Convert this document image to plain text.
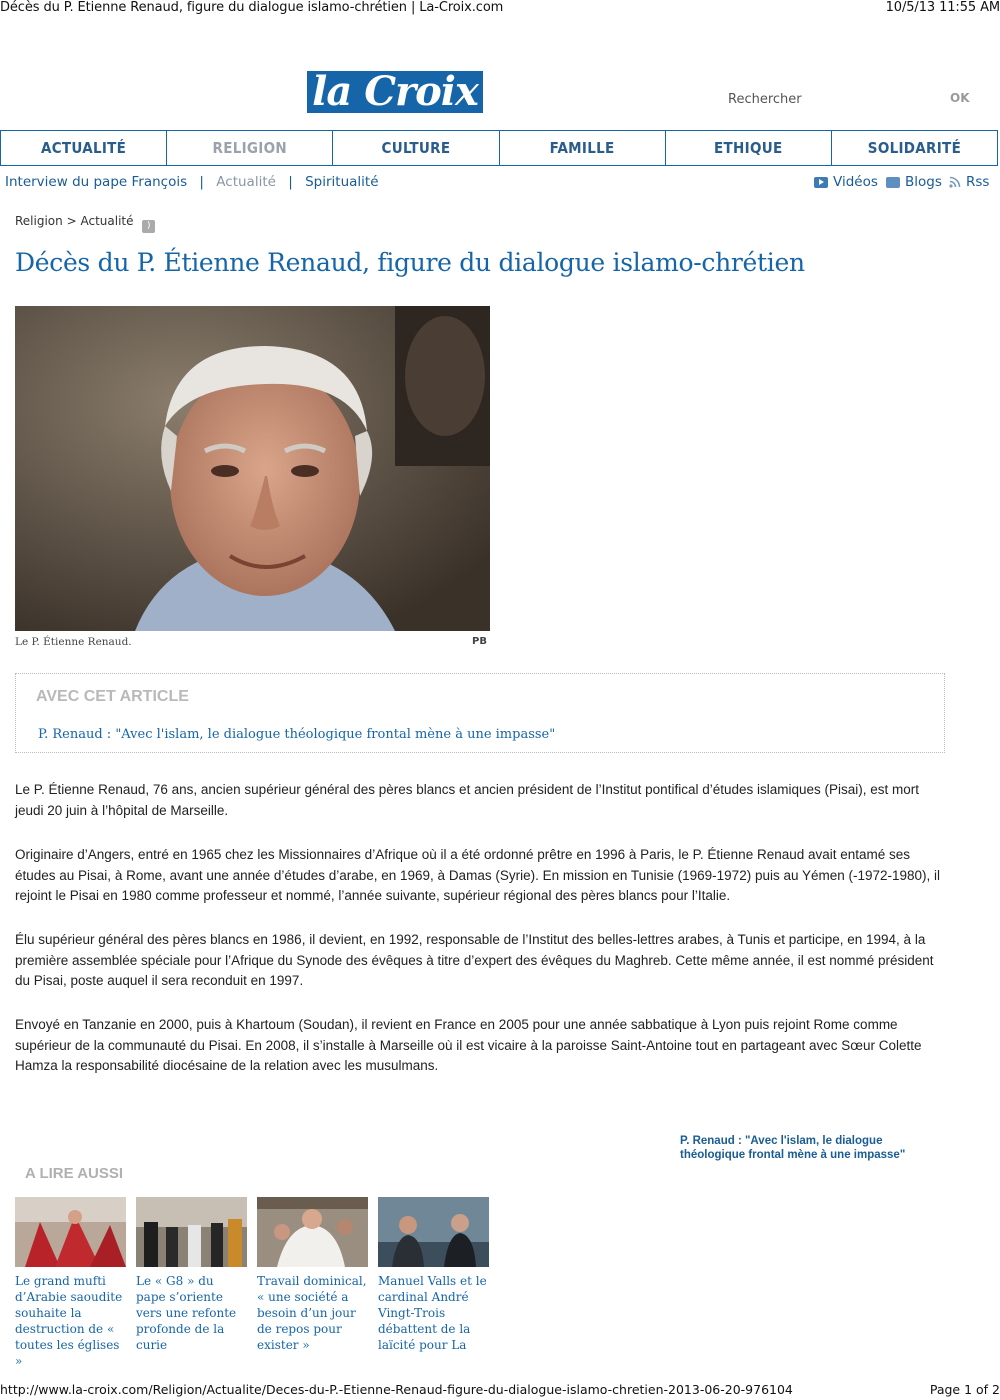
Décès du P. Etienne Renaud, figure du dialogue islamo-chrétien | La-Croix.com	10/5/13 11:55 AM
la Croix	Rechercher	OK
ACTUALITÉ	RELIGION	CULTURE	FAMILLE	ETHIQUE	SOLIDARITÉ
Interview du pape François | Actualité | Spiritualité	Vidéos Blogs Rss
Religion > Actualité )
Décès du P. Étienne Renaud, figure du dialogue islamo-chrétien
Le P. Étienne Renaud.	PB
AVEC CET ARTICLE
P. Renaud : "Avec l'islam, le dialogue théologique frontal mène à une impasse"

Le P. Étienne Renaud, 76 ans, ancien supérieur général des pères blancs et ancien président de l’Institut pontifical d’études islamiques (Pisai), est mort jeudi 20 juin à l’hôpital de Marseille.

Originaire d’Angers, entré en 1965 chez les Missionnaires d’Afrique où il a été ordonné prêtre en 1996 à Paris, le P. Étienne Renaud avait entamé ses études au Pisai, à Rome, avant une année d’études d’arabe, en 1969, à Damas (Syrie). En mission en Tunisie (1969-1972) puis au Yémen (-1972-1980), il rejoint le Pisai en 1980 comme professeur et nommé, l’année suivante, supérieur régional des pères blancs pour l’Italie.

Élu supérieur général des pères blancs en 1986, il devient, en 1992, responsable de l’Institut des belles-lettres arabes, à Tunis et participe, en 1994, à la première assemblée spéciale pour l’Afrique du Synode des évêques à titre d’expert des évêques du Maghreb. Cette même année, il est nommé président du Pisai, poste auquel il sera reconduit en 1997.

Envoyé en Tanzanie en 2000, puis à Khartoum (Soudan), il revient en France en 2005 pour une année sabbatique à Lyon puis rejoint Rome comme supérieur de la communauté du Pisai. En 2008, il s’installe à Marseille où il est vicaire à la paroisse Saint-Antoine tout en partageant avec Sœur Colette Hamza la responsabilité diocésaine de la relation avec les musulmans.

P. Renaud : "Avec l'islam, le dialogue théologique frontal mène à une impasse"
A LIRE AUSSI
Le grand mufti d’Arabie saoudite souhaite la destruction de « toutes les églises »
Le « G8 » du pape s’oriente vers une refonte profonde de la curie
Travail dominical, « une société a besoin d’un jour de repos pour exister »
Manuel Valls et le cardinal André Vingt-Trois débattent de la laïcité pour La
http://www.la-croix.com/Religion/Actualite/Deces-du-P.-Etienne-Renaud-figure-du-dialogue-islamo-chretien-2013-06-20-976104	Page 1 of 2
